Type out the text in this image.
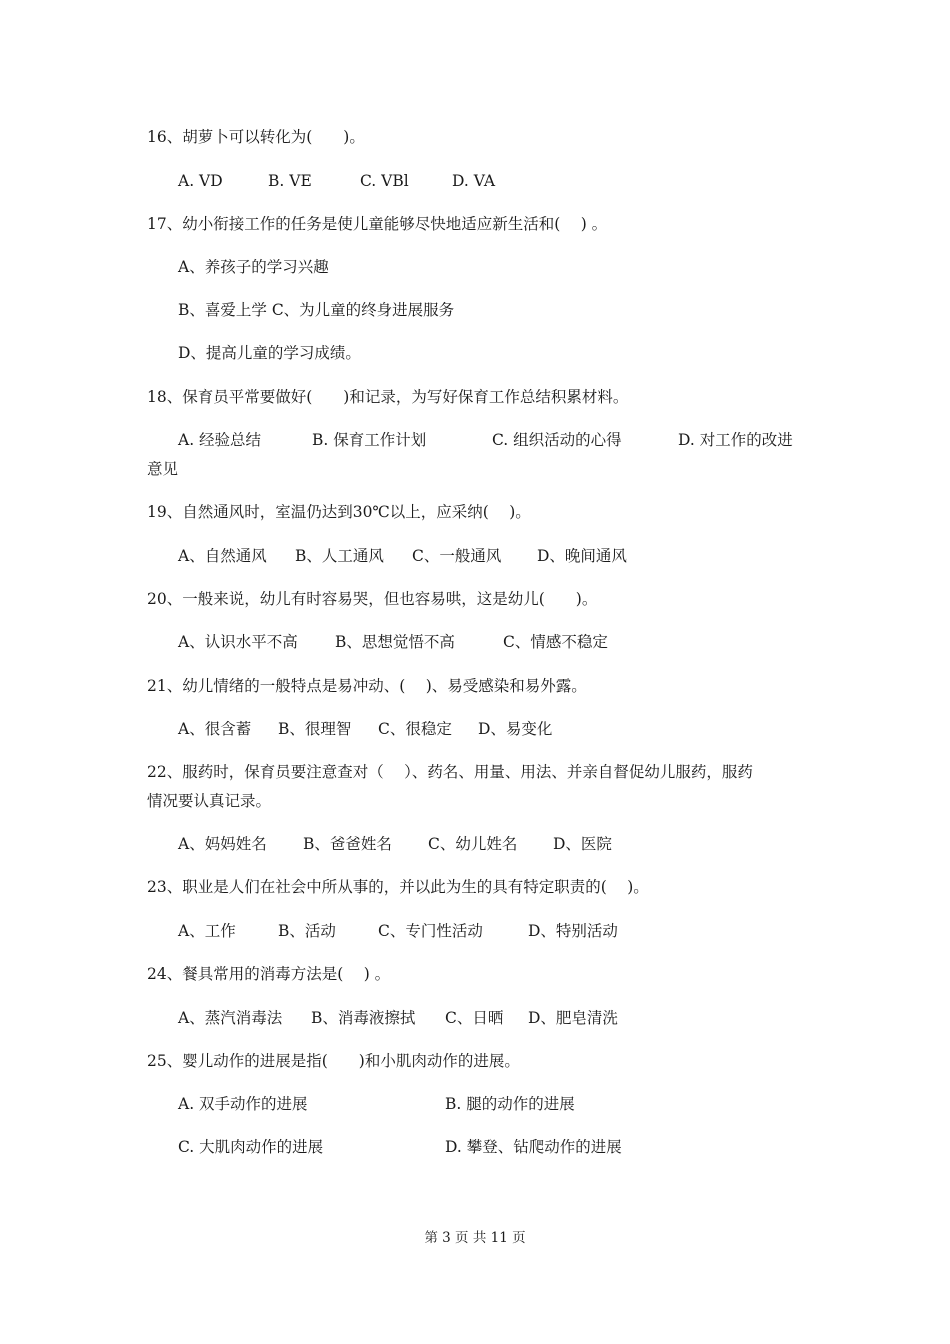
16、胡萝卜可以转化为(　　)。
A. VD	B. VE	C. VBl	D. VA
17、幼小衔接工作的任务是使儿童能够尽快地适应新生活和(　 ) 。
A、养孩子的学习兴趣
B、喜爱上学 C、为儿童的终身进展服务
D、提高儿童的学习成绩。
18、保育员平常要做好(　　)和记录，为写好保育工作总结积累材料。
A. 经验总结	B. 保育工作计划	C. 组织活动的心得	D. 对工作的改进
意见
19、自然通风时，室温仍达到30℃以上，应采纳(　 )。
A、自然通风 B、人工通风 C、一般通风 D、晚间通风
20、一般来说，幼儿有时容易哭，但也容易哄，这是幼儿(　　)。
A、认识水平不高 B、思想觉悟不高	C、情感不稳定
21、幼儿情绪的一般特点是易冲动、(　 )、易受感染和易外露。
A、很含蓄 B、很理智 C、很稳定 D、易变化
22、服药时，保育员要注意查对（　 ）、药名、用量、用法、并亲自督促幼儿服药，服药
情况要认真记录。
A、妈妈姓名 B、爸爸姓名 C、幼儿姓名 D、医院
23、职业是人们在社会中所从事的，并以此为生的具有特定职责的(　 )。
A、工作	B、活动	C、专门性活动	D、特别活动
24、餐具常用的消毒方法是(　 ) 。
A、蒸汽消毒法 B、消毒液擦拭 C、日晒 D、肥皂清洗
25、婴儿动作的进展是指(　　)和小肌肉动作的进展。
A. 双手动作的进展	B. 腿的动作的进展
C. 大肌肉动作的进展	D. 攀登、钻爬动作的进展
第 3 页 共 11 页
